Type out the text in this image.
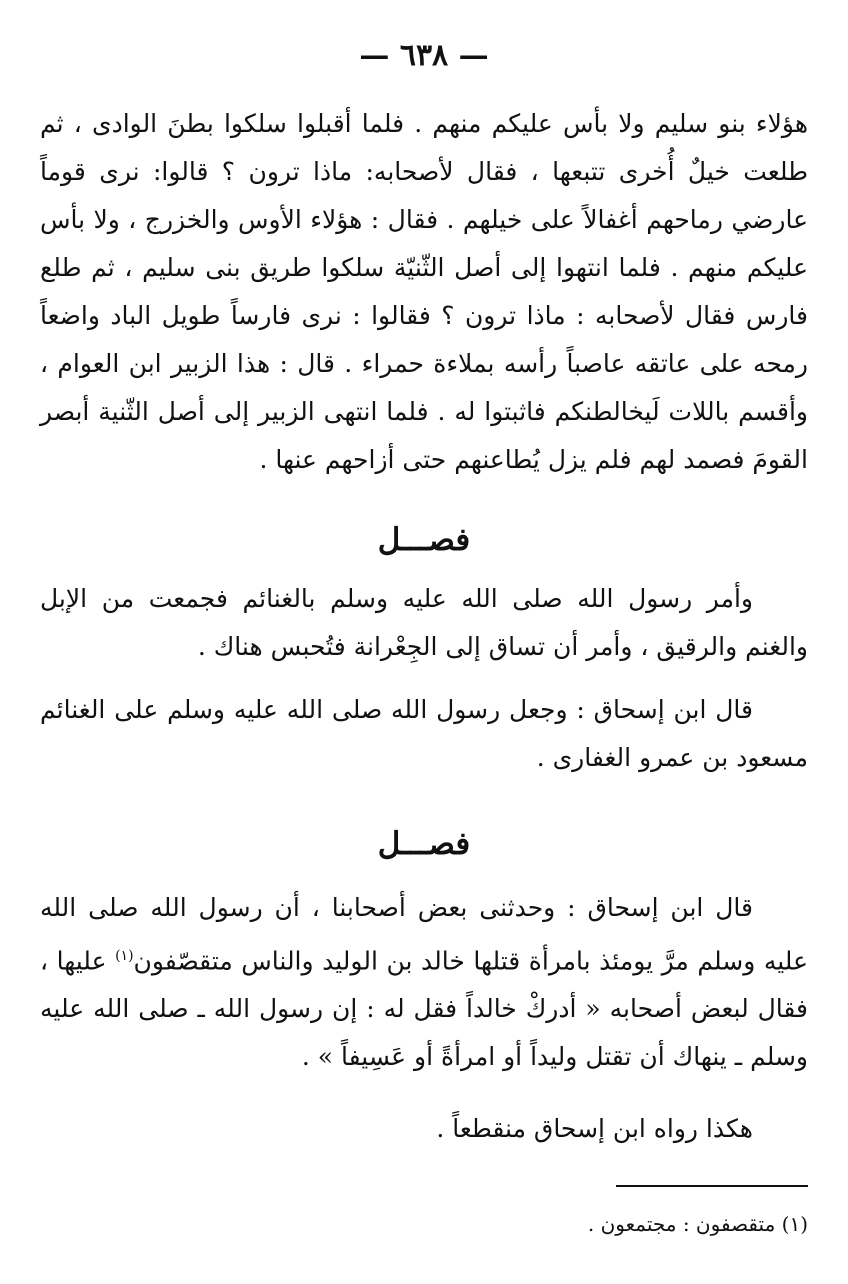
— ٦٣٨ —
هؤلاء بنو سليم ولا بأس عليكم منهم . فلما أقبلوا سلكوا بطنَ الوادى ، ثم طلعت خيلٌ أُخرى تتبعها ، فقال لأصحابه: ماذا ترون ؟ قالوا: نرى قوماً عارضي رماحهم أغفالاً على خيلهم . فقال : هؤلاء الأوس والخزرج ، ولا بأس عليكم منهم . فلما انتهوا إلى أصل الثّنيّة سلكوا طريق بنى سليم ، ثم طلع فارس فقال لأصحابه : ماذا ترون ؟ فقالوا : نرى فارساً طويل الباد واضعاً رمحه على عاتقه عاصباً رأسه بملاءة حمراء . قال : هذا الزبير ابن العوام ، وأقسم باللات لَيخالطنكم فاثبتوا له . فلما انتهى الزبير إلى أصل الثّنية أبصر القومَ فصمد لهم فلم يزل يُطاعنهم حتى أزاحهم عنها .
فصـــل
وأمر رسول الله صلى الله عليه وسلم بالغنائم فجمعت من الإبل والغنم والرقيق ، وأمر أن تساق إلى الجِعْرانة فتُحبس هناك .
قال ابن إسحاق : وجعل رسول الله صلى الله عليه وسلم على الغنائم مسعود بن عمرو الغفارى .
فصـــل
قال ابن إسحاق : وحدثنى بعض أصحابنا ، أن رسول الله صلى الله عليه وسلم مرَّ يومئذ بامرأة قتلها خالد بن الوليد والناس متقصّفون$^{(١)}$ عليها ، فقال لبعض أصحابه « أدركْ خالداً فقل له : إن رسول الله ـ صلى الله عليه وسلم ـ ينهاك أن تقتل وليداً أو امرأةً أو عَسِيفاً » .
هكذا رواه ابن إسحاق منقطعاً .
(١) متقصفون : مجتمعون .
